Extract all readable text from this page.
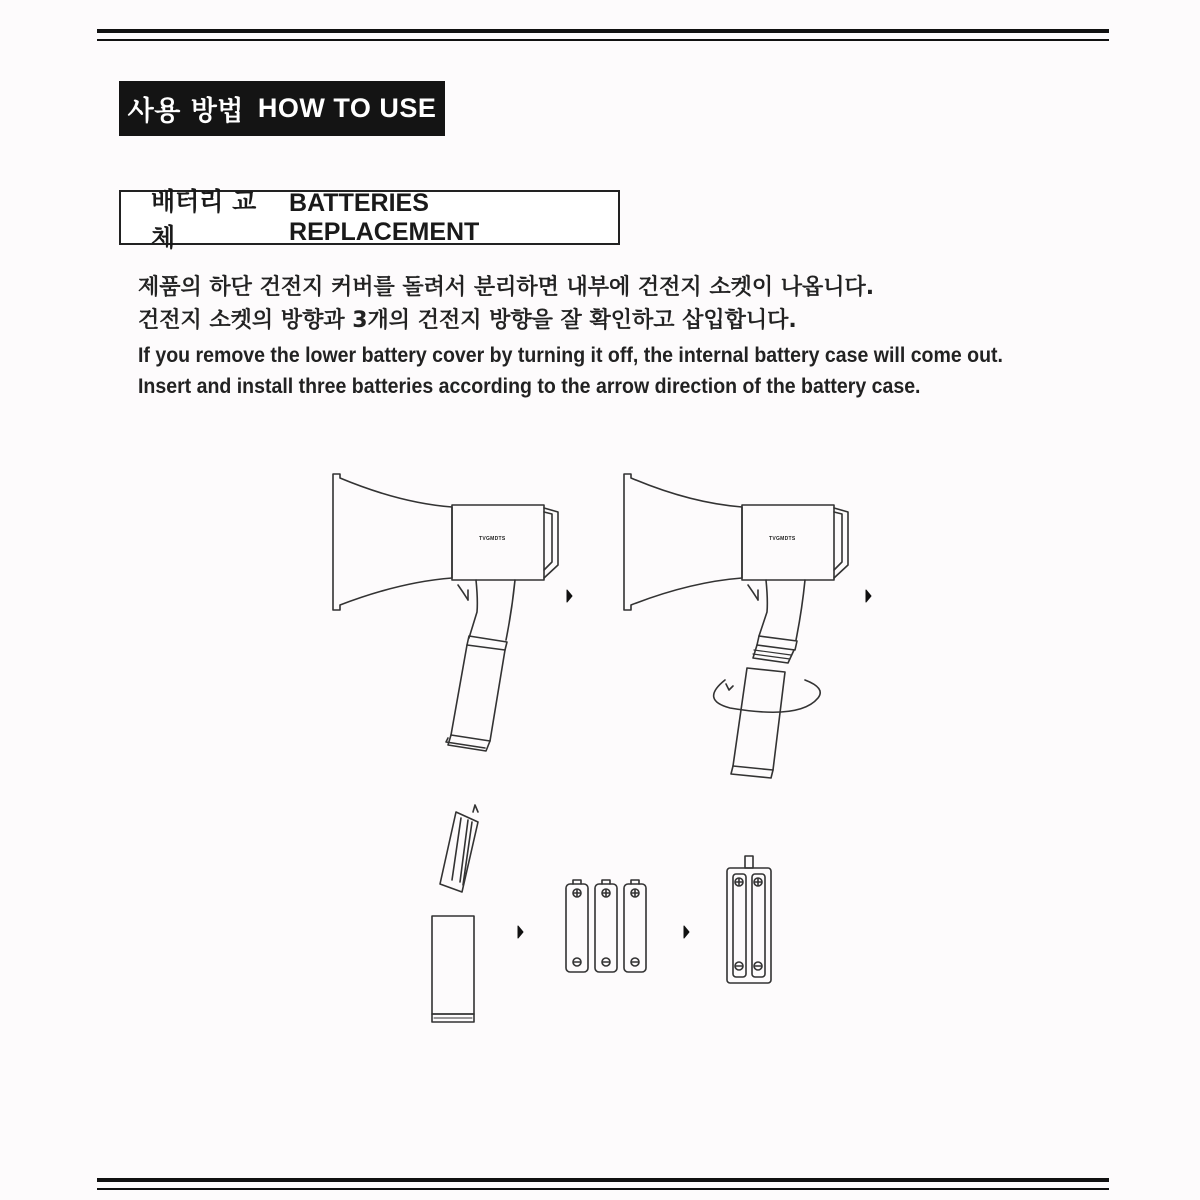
사용 방법 HOW TO USE
배터리 교체
BATTERIES REPLACEMENT
제품의 하단 건전지 커버를 돌려서 분리하면 내부에 건전지 소켓이 나옵니다.
건전지 소켓의 방향과 3개의 건전지 방향을 잘 확인하고 삽입합니다.
If you remove the lower battery cover by turning it off, the internal battery case will come out.
Insert and install three batteries according to the arrow direction of the battery case.
TVGMDTS	TVGMDTS
